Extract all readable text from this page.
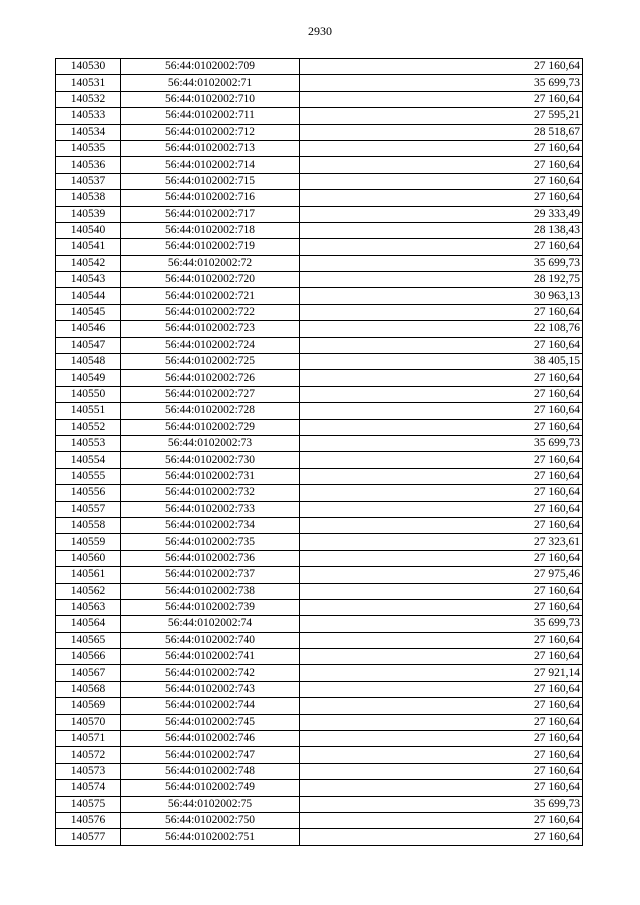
2930
140530	56:44:0102002:709	27 160,64
140531	56:44:0102002:71	35 699,73
140532	56:44:0102002:710	27 160,64
140533	56:44:0102002:711	27 595,21
140534	56:44:0102002:712	28 518,67
140535	56:44:0102002:713	27 160,64
140536	56:44:0102002:714	27 160,64
140537	56:44:0102002:715	27 160,64
140538	56:44:0102002:716	27 160,64
140539	56:44:0102002:717	29 333,49
140540	56:44:0102002:718	28 138,43
140541	56:44:0102002:719	27 160,64
140542	56:44:0102002:72	35 699,73
140543	56:44:0102002:720	28 192,75
140544	56:44:0102002:721	30 963,13
140545	56:44:0102002:722	27 160,64
140546	56:44:0102002:723	22 108,76
140547	56:44:0102002:724	27 160,64
140548	56:44:0102002:725	38 405,15
140549	56:44:0102002:726	27 160,64
140550	56:44:0102002:727	27 160,64
140551	56:44:0102002:728	27 160,64
140552	56:44:0102002:729	27 160,64
140553	56:44:0102002:73	35 699,73
140554	56:44:0102002:730	27 160,64
140555	56:44:0102002:731	27 160,64
140556	56:44:0102002:732	27 160,64
140557	56:44:0102002:733	27 160,64
140558	56:44:0102002:734	27 160,64
140559	56:44:0102002:735	27 323,61
140560	56:44:0102002:736	27 160,64
140561	56:44:0102002:737	27 975,46
140562	56:44:0102002:738	27 160,64
140563	56:44:0102002:739	27 160,64
140564	56:44:0102002:74	35 699,73
140565	56:44:0102002:740	27 160,64
140566	56:44:0102002:741	27 160,64
140567	56:44:0102002:742	27 921,14
140568	56:44:0102002:743	27 160,64
140569	56:44:0102002:744	27 160,64
140570	56:44:0102002:745	27 160,64
140571	56:44:0102002:746	27 160,64
140572	56:44:0102002:747	27 160,64
140573	56:44:0102002:748	27 160,64
140574	56:44:0102002:749	27 160,64
140575	56:44:0102002:75	35 699,73
140576	56:44:0102002:750	27 160,64
140577	56:44:0102002:751	27 160,64
